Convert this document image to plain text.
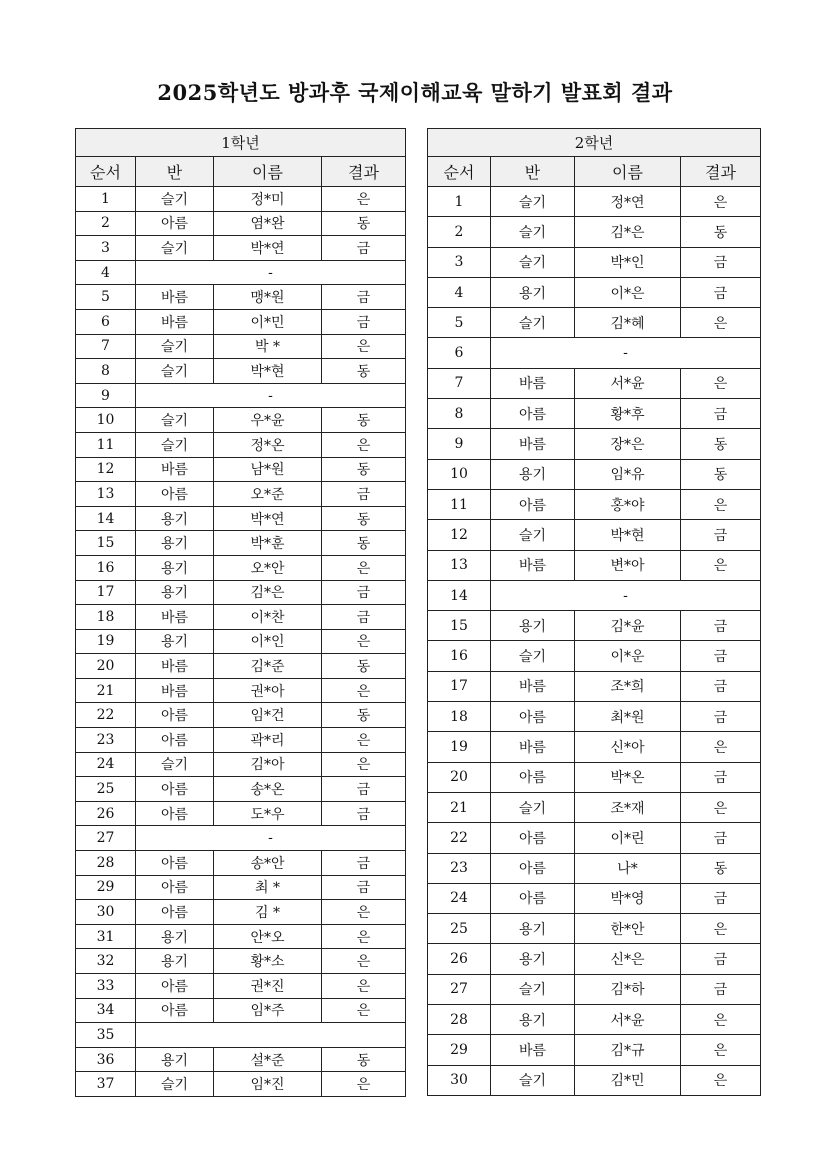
2025학년도 방과후 국제이해교육 말하기 발표회 결과
1학년			
순서	반	이름	결과
1	슬기	정*미	은
2	아름	염*완	동
3	슬기	박*연	금
4	-		
5	바름	맹*원	금
6	바름	이*민	금
7	슬기	박 *	은
8	슬기	박*현	동
9	-		
10	슬기	우*윤	동
11	슬기	정*온	은
12	바름	남*원	동
13	아름	오*준	금
14	용기	박*연	동
15	용기	박*훈	동
16	용기	오*안	은
17	용기	김*은	금
18	바름	이*찬	금
19	용기	이*인	은
20	바름	김*준	동
21	바름	권*아	은
22	아름	임*건	동
23	아름	곽*리	은
24	슬기	김*아	은
25	아름	송*온	금
26	아름	도*우	금
27	-		
28	아름	송*안	금
29	아름	최 *	금
30	아름	김 *	은
31	용기	안*오	은
32	용기	황*소	은
33	아름	권*진	은
34	아름	임*주	은
35			
36	용기	설*준	동
37	슬기	임*진	은
2학년			
순서	반	이름	결과
1	슬기	정*연	은
2	슬기	김*은	동
3	슬기	박*인	금
4	용기	이*은	금
5	슬기	김*혜	은
6	-		
7	바름	서*윤	은
8	아름	황*후	금
9	바름	장*은	동
10	용기	임*유	동
11	아름	홍*야	은
12	슬기	박*현	금
13	바름	변*아	은
14	-		
15	용기	김*윤	금
16	슬기	이*운	금
17	바름	조*희	금
18	아름	최*원	금
19	바름	신*아	은
20	아름	박*온	금
21	슬기	조*재	은
22	아름	이*린	금
23	아름	나*	동
24	아름	박*영	금
25	용기	한*안	은
26	용기	신*은	금
27	슬기	김*하	금
28	용기	서*윤	은
29	바름	김*규	은
30	슬기	김*민	은
